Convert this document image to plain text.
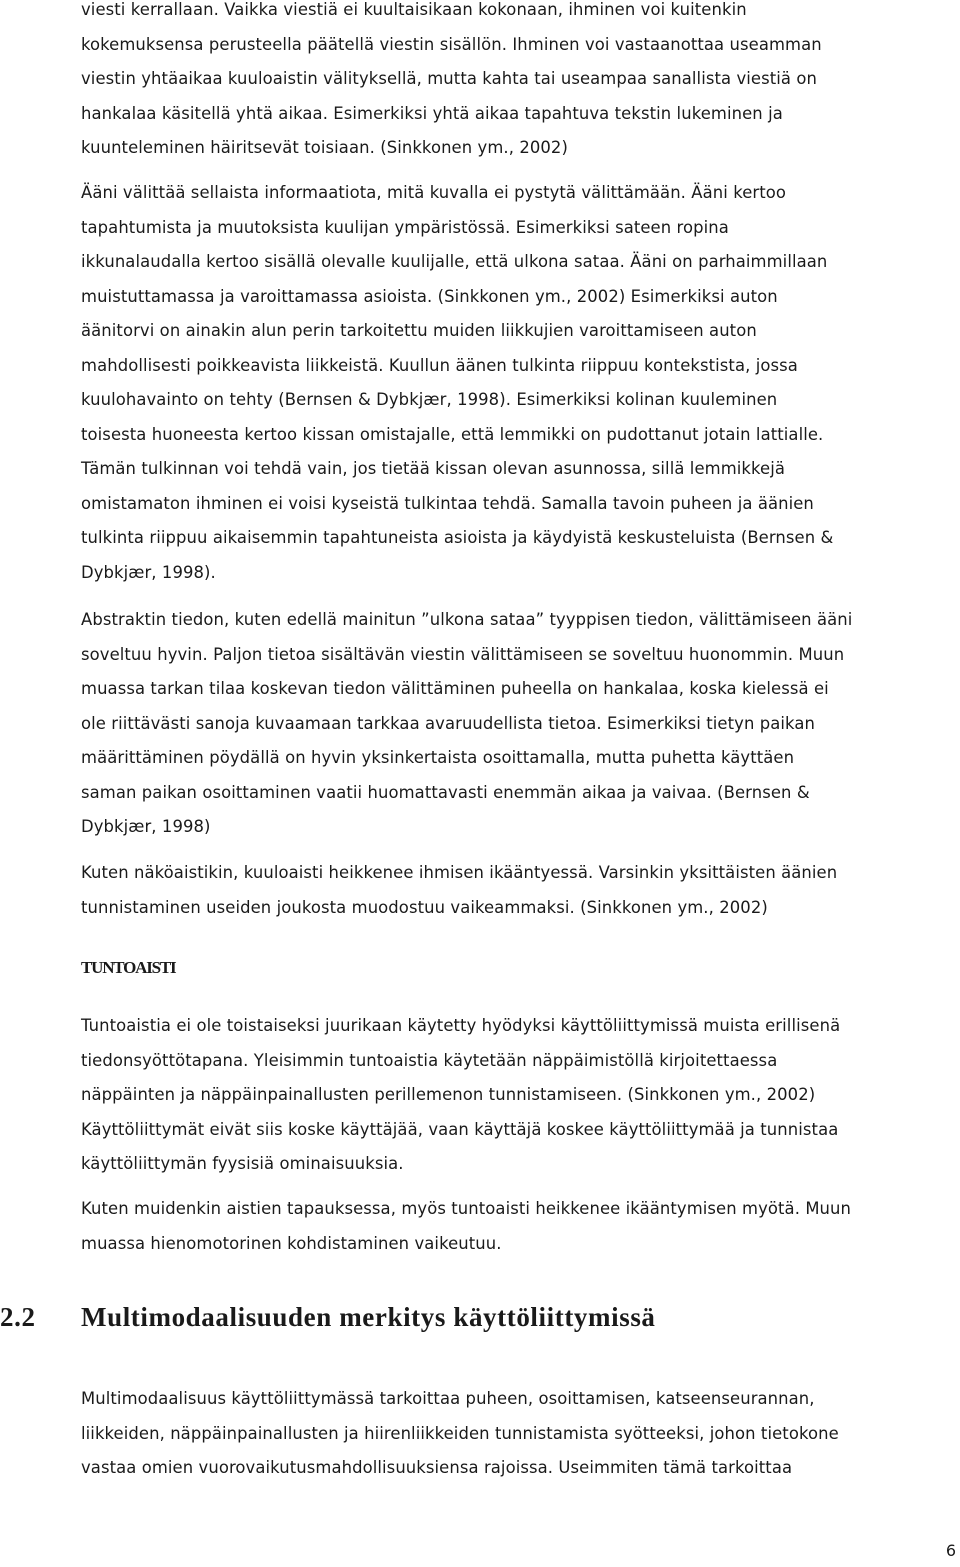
viesti kerrallaan. Vaikka viestiä ei kuultaisikaan kokonaan, ihminen voi kuitenkin
kokemuksensa perusteella päätellä viestin sisällön. Ihminen voi vastaanottaa useamman
viestin yhtäaikaa kuuloaistin välityksellä, mutta kahta tai useampaa sanallista viestiä on
hankalaa käsitellä yhtä aikaa. Esimerkiksi yhtä aikaa tapahtuva tekstin lukeminen ja
kuunteleminen häiritsevät toisiaan. (Sinkkonen ym., 2002)

Ääni välittää sellaista informaatiota, mitä kuvalla ei pystytä välittämään. Ääni kertoo
tapahtumista ja muutoksista kuulijan ympäristössä. Esimerkiksi sateen ropina
ikkunalaudalla kertoo sisällä olevalle kuulijalle, että ulkona sataa. Ääni on parhaimmillaan
muistuttamassa ja varoittamassa asioista. (Sinkkonen ym., 2002) Esimerkiksi auton
äänitorvi on ainakin alun perin tarkoitettu muiden liikkujien varoittamiseen auton
mahdollisesti poikkeavista liikkeistä. Kuullun äänen tulkinta riippuu kontekstista, jossa
kuulohavainto on tehty (Bernsen & Dybkjær, 1998). Esimerkiksi kolinan kuuleminen
toisesta huoneesta kertoo kissan omistajalle, että lemmikki on pudottanut jotain lattialle.
Tämän tulkinnan voi tehdä vain, jos tietää kissan olevan asunnossa, sillä lemmikkejä
omistamaton ihminen ei voisi kyseistä tulkintaa tehdä. Samalla tavoin puheen ja äänien
tulkinta riippuu aikaisemmin tapahtuneista asioista ja käydyistä keskusteluista (Bernsen &
Dybkjær, 1998).

Abstraktin tiedon, kuten edellä mainitun ”ulkona sataa” tyyppisen tiedon, välittämiseen ääni
soveltuu hyvin. Paljon tietoa sisältävän viestin välittämiseen se soveltuu huonommin. Muun
muassa tarkan tilaa koskevan tiedon välittäminen puheella on hankalaa, koska kielessä ei
ole riittävästi sanoja kuvaamaan tarkkaa avaruudellista tietoa. Esimerkiksi tietyn paikan
määrittäminen pöydällä on hyvin yksinkertaista osoittamalla, mutta puhetta käyttäen
saman paikan osoittaminen vaatii huomattavasti enemmän aikaa ja vaivaa. (Bernsen &
Dybkjær, 1998)

Kuten näköaistikin, kuuloaisti heikkenee ihmisen ikääntyessä. Varsinkin yksittäisten äänien
tunnistaminen useiden joukosta muodostuu vaikeammaksi. (Sinkkonen ym., 2002)

TUNTOAISTI

Tuntoaistia ei ole toistaiseksi juurikaan käytetty hyödyksi käyttöliittymissä muista erillisenä
tiedonsyöttötapana. Yleisimmin tuntoaistia käytetään näppäimistöllä kirjoitettaessa
näppäinten ja näppäinpainallusten perillemenon tunnistamiseen. (Sinkkonen ym., 2002)
Käyttöliittymät eivät siis koske käyttäjää, vaan käyttäjä koskee käyttöliittymää ja tunnistaa
käyttöliittymän fyysisiä ominaisuuksia.

Kuten muidenkin aistien tapauksessa, myös tuntoaisti heikkenee ikääntymisen myötä. Muun
muassa hienomotorinen kohdistaminen vaikeutuu.

2.2	Multimodaalisuuden merkitys käyttöliittymissä

Multimodaalisuus käyttöliittymässä tarkoittaa puheen, osoittamisen, katseenseurannan,
liikkeiden, näppäinpainallusten ja hiirenliikkeiden tunnistamista syötteeksi, johon tietokone
vastaa omien vuorovaikutusmahdollisuuksiensa rajoissa. Useimmiten tämä tarkoittaa

6
